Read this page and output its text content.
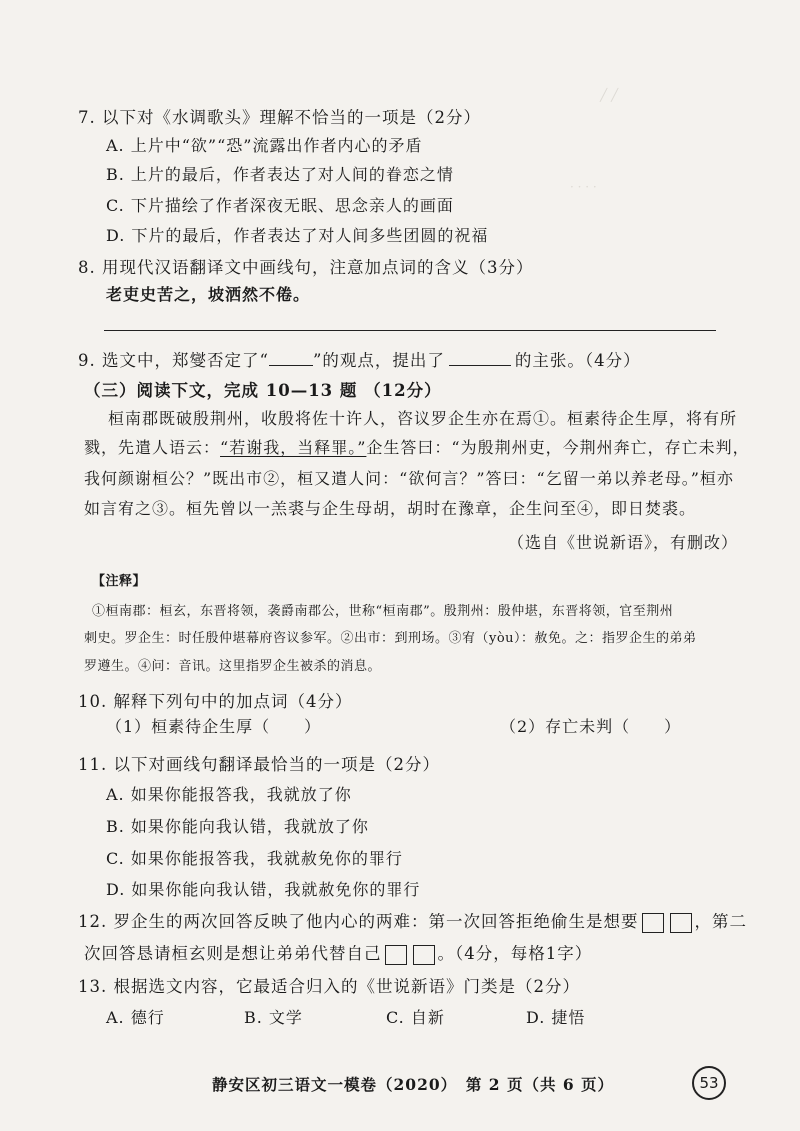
╱ ╱
· · · ·
7. 以下对《水调歌头》理解不恰当的一项是（2分）
A. 上片中“欲”“恐”流露出作者内心的矛盾
B. 上片的最后，作者表达了对人间的眷恋之情
C. 下片描绘了作者深夜无眠、思念亲人的画面
D. 下片的最后，作者表达了对人间多些团圆的祝福
8. 用现代汉语翻译文中画线句，注意加点词的含义（3分）
老吏史苦之，坡洒然不倦。
9. 选文中，郑燮否定了“	”的观点，提出了	的主张。（4分）
（三）阅读下文，完成 10—13 题 （12分）
桓南郡既破殷荆州，收殷将佐十许人，咨议罗企生亦在焉①。桓素待企生厚，将有所
戮，先遣人语云：“若谢我，当释罪。”企生答曰：“为殷荆州吏，今荆州奔亡，存亡未判，
我何颜谢桓公？”既出市②，桓又遣人问：“欲何言？”答曰：“乞留一弟以养老母。”桓亦
如言宥之③。桓先曾以一羔裘与企生母胡，胡时在豫章，企生问至④，即日焚裘。
（选自《世说新语》，有删改）
【注释】
①桓南郡：桓玄，东晋将领，袭爵南郡公，世称“桓南郡”。殷荆州：殷仲堪，东晋将领，官至荆州
刺史。罗企生：时任殷仲堪幕府咨议参军。②出市：到刑场。③宥（yòu）：赦免。之：指罗企生的弟弟
罗遵生。④问：音讯。这里指罗企生被杀的消息。
10. 解释下列句中的加点词（4分）
（1）桓素待企生厚（　　）	（2）存亡未判（　　）
11. 以下对画线句翻译最恰当的一项是（2分）
A. 如果你能报答我，我就放了你
B. 如果你能向我认错，我就放了你
C. 如果你能报答我，我就赦免你的罪行
D. 如果你能向我认错，我就赦免你的罪行
12. 罗企生的两次回答反映了他内心的两难：第一次回答拒绝偷生是想要	，第二
次回答恳请桓玄则是想让弟弟代替自己	。（4分，每格1字）
13. 根据选文内容，它最适合归入的《世说新语》门类是（2分）
A. 德行	B. 文学	C. 自新	D. 捷悟
静安区初三语文一模卷（2020）　第 2 页（共 6 页）	53
